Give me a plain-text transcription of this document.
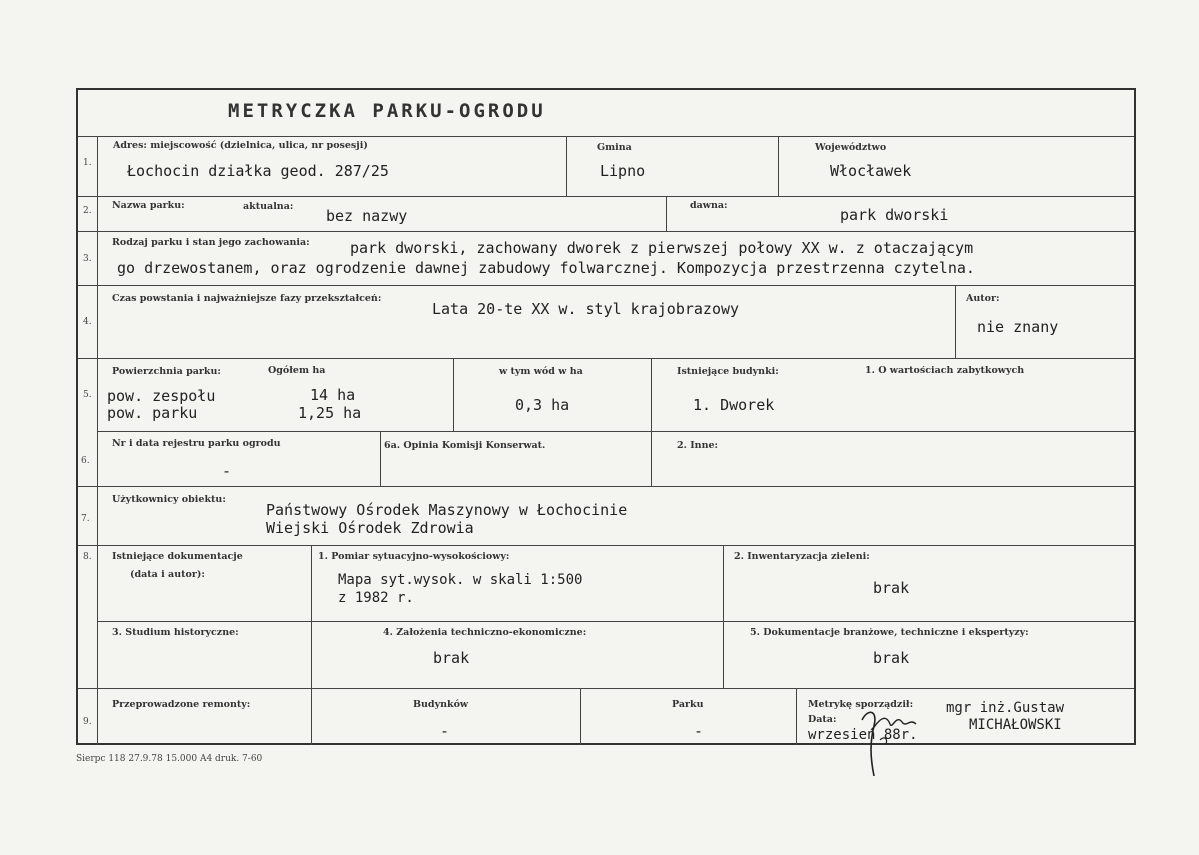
METRYCZKA PARKU-OGRODU
1.
Adres: miejscowość (dzielnica, ulica, nr posesji)
Łochocin działka geod. 287/25
Gmina
Lipno
Województwo
Włocławek
2. Nazwa parku:	aktualna:
bez nazwy
dawna:
park dworski
3.
Rodzaj parku i stan jego zachowania:	park dworski, zachowany dworek z pierwszej połowy XX w. z otaczającym
go drzewostanem, oraz ogrodzenie dawnej zabudowy folwarcznej. Kompozycja przestrzenna czytelna.
4.
Czas powstania i najważniejsze fazy przekształceń:
Lata 20-te XX w. styl krajobrazowy
Autor:
nie znany
5.
Powierzchnia parku:	Ogółem ha
pow. zespołu	14 ha
pow. parku	1,25 ha
w tym wód w ha
0,3 ha
Istniejące budynki:	1. O wartościach zabytkowych
1. Dworek
6.
Nr i data rejestru parku ogrodu
-
6a. Opinia Komisji Konserwat.	2. Inne:
7.
Użytkownicy obiektu:
Państwowy Ośrodek Maszynowy w Łochocinie
Wiejski Ośrodek Zdrowia
8. Istniejące dokumentacje
(data i autor):
1. Pomiar sytuacyjno-wysokościowy:
Mapa syt.wysok. w skali 1:500
z 1982 r.
2. Inwentaryzacja zieleni:
brak
3. Studium historyczne:	4. Założenia techniczno-ekonomiczne:
brak
5. Dokumentacje branżowe, techniczne i ekspertyzy:
brak
9.
Przeprowadzone remonty:	Budynków
-
Parku
-
Metrykę sporządził:
Data:
wrzesień 88r.
mgr inż.Gustaw
MICHAŁOWSKI
Sierpc 118 27.9.78 15.000 A4 druk. 7-60
